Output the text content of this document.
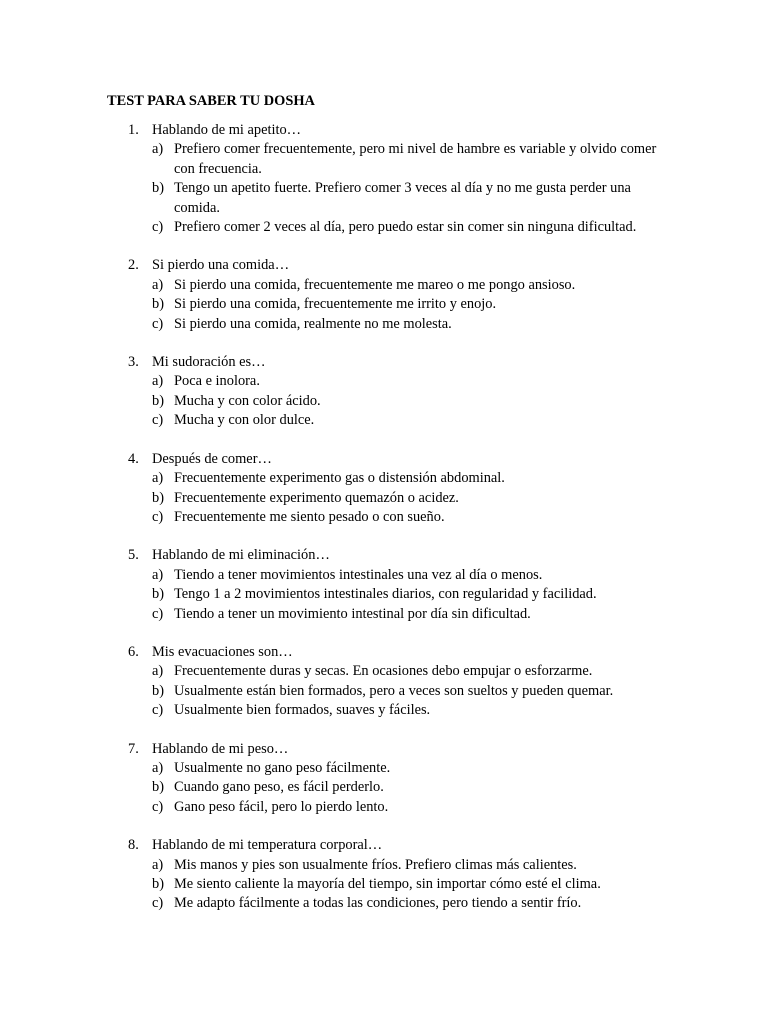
TEST PARA SABER TU DOSHA
1. Hablando de mi apetito…
a) Prefiero comer frecuentemente, pero mi nivel de hambre es variable y olvido comer con frecuencia.
b) Tengo un apetito fuerte. Prefiero comer 3 veces al día y no me gusta perder una comida.
c) Prefiero comer 2 veces al día, pero puedo estar sin comer sin ninguna dificultad.
2. Si pierdo una comida…
a) Si pierdo una comida, frecuentemente me mareo o me pongo ansioso.
b) Si pierdo una comida, frecuentemente me irrito y enojo.
c) Si pierdo una comida, realmente no me molesta.
3. Mi sudoración es…
a) Poca e inolora.
b) Mucha y con color ácido.
c) Mucha y con olor dulce.
4. Después de comer…
a) Frecuentemente experimento gas o distensión abdominal.
b) Frecuentemente experimento quemazón o acidez.
c) Frecuentemente me siento pesado o con sueño.
5. Hablando de mi eliminación…
a) Tiendo a tener movimientos intestinales una vez al día o menos.
b) Tengo 1 a 2 movimientos intestinales diarios, con regularidad y facilidad.
c) Tiendo a tener un movimiento intestinal por día sin dificultad.
6. Mis evacuaciones son…
a) Frecuentemente duras y secas. En ocasiones debo empujar o esforzarme.
b) Usualmente están bien formados, pero a veces son sueltos y pueden quemar.
c) Usualmente bien formados, suaves y fáciles.
7. Hablando de mi peso…
a) Usualmente no gano peso fácilmente.
b) Cuando gano peso, es fácil perderlo.
c) Gano peso fácil, pero lo pierdo lento.
8. Hablando de mi temperatura corporal…
a) Mis manos y pies son usualmente fríos. Prefiero climas más calientes.
b) Me siento caliente la mayoría del tiempo, sin importar cómo esté el clima.
c) Me adapto fácilmente a todas las condiciones, pero tiendo a sentir frío.
